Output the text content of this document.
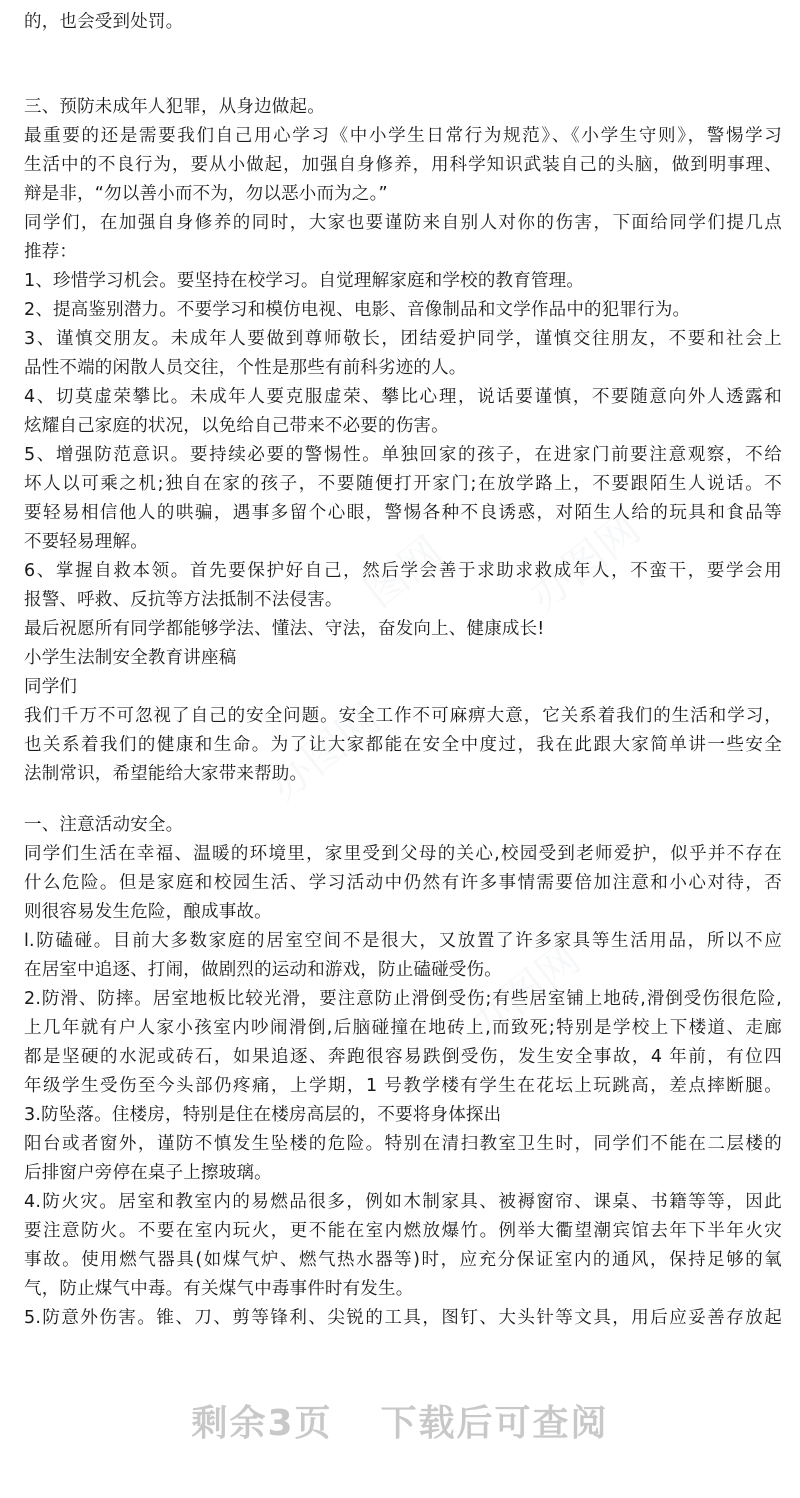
图网 办图网
办图网
办图网
的，也会受到处罚。
三、预防未成年人犯罪，从身边做起。
最重要的还是需要我们自己用心学习《中小学生日常行为规范》、《小学生守则》，警惕学习
生活中的不良行为，要从小做起，加强自身修养，用科学知识武装自己的头脑，做到明事理、
辩是非，“勿以善小而不为，勿以恶小而为之。”
同学们，在加强自身修养的同时，大家也要谨防来自别人对你的伤害，下面给同学们提几点
推荐：
1、珍惜学习机会。要坚持在校学习。自觉理解家庭和学校的教育管理。
2、提高鉴别潜力。不要学习和模仿电视、电影、音像制品和文学作品中的犯罪行为。
3、谨慎交朋友。未成年人要做到尊师敬长，团结爱护同学，谨慎交往朋友，不要和社会上
品性不端的闲散人员交往，个性是那些有前科劣迹的人。
4、切莫虚荣攀比。未成年人要克服虚荣、攀比心理，说话要谨慎，不要随意向外人透露和
炫耀自己家庭的状况，以免给自己带来不必要的伤害。
5、增强防范意识。要持续必要的警惕性。单独回家的孩子，在进家门前要注意观察，不给
坏人以可乘之机;独自在家的孩子，不要随便打开家门;在放学路上，不要跟陌生人说话。不
要轻易相信他人的哄骗，遇事多留个心眼，警惕各种不良诱惑，对陌生人给的玩具和食品等
不要轻易理解。
6、掌握自救本领。首先要保护好自己，然后学会善于求助求救成年人，不蛮干，要学会用
报警、呼救、反抗等方法抵制不法侵害。
最后祝愿所有同学都能够学法、懂法、守法，奋发向上、健康成长!
小学生法制安全教育讲座稿
同学们
我们千万不可忽视了自己的安全问题。安全工作不可麻痹大意，它关系着我们的生活和学习，
也关系着我们的健康和生命。为了让大家都能在安全中度过，我在此跟大家简单讲一些安全
法制常识，希望能给大家带来帮助。
一、注意活动安全。
同学们生活在幸福、温暖的环境里，家里受到父母的关心,校园受到老师爱护，似乎并不存在
什么危险。但是家庭和校园生活、学习活动中仍然有许多事情需要倍加注意和小心对待，否
则很容易发生危险，酿成事故。
l.防磕碰。目前大多数家庭的居室空间不是很大，又放置了许多家具等生活用品，所以不应
在居室中追逐、打闹，做剧烈的运动和游戏，防止磕碰受伤。
2.防滑、防摔。居室地板比较光滑，要注意防止滑倒受伤;有些居室铺上地砖,滑倒受伤很危险,
上几年就有户人家小孩室内吵闹滑倒,后脑碰撞在地砖上,而致死;特别是学校上下楼道、走廊
都是坚硬的水泥或砖石，如果追逐、奔跑很容易跌倒受伤，发生安全事故，4 年前，有位四
年级学生受伤至今头部仍疼痛，上学期，1 号教学楼有学生在花坛上玩跳高，差点摔断腿。
3.防坠落。住楼房，特别是住在楼房高层的，不要将身体探出
阳台或者窗外，谨防不慎发生坠楼的危险。特别在清扫教室卫生时，同学们不能在二层楼的
后排窗户旁停在桌子上擦玻璃。
4.防火灾。居室和教室内的易燃品很多，例如木制家具、被褥窗帘、课桌、书籍等等，因此
要注意防火。不要在室内玩火，更不能在室内燃放爆竹。例举大衢望潮宾馆去年下半年火灾
事故。使用燃气器具(如煤气炉、燃气热水器等)时，应充分保证室内的通风，保持足够的氧
气，防止煤气中毒。有关煤气中毒事件时有发生。
5.防意外伤害。锥、刀、剪等锋利、尖锐的工具，图钉、大头针等文具，用后应妥善存放起
剩余3页 下载后可查阅
